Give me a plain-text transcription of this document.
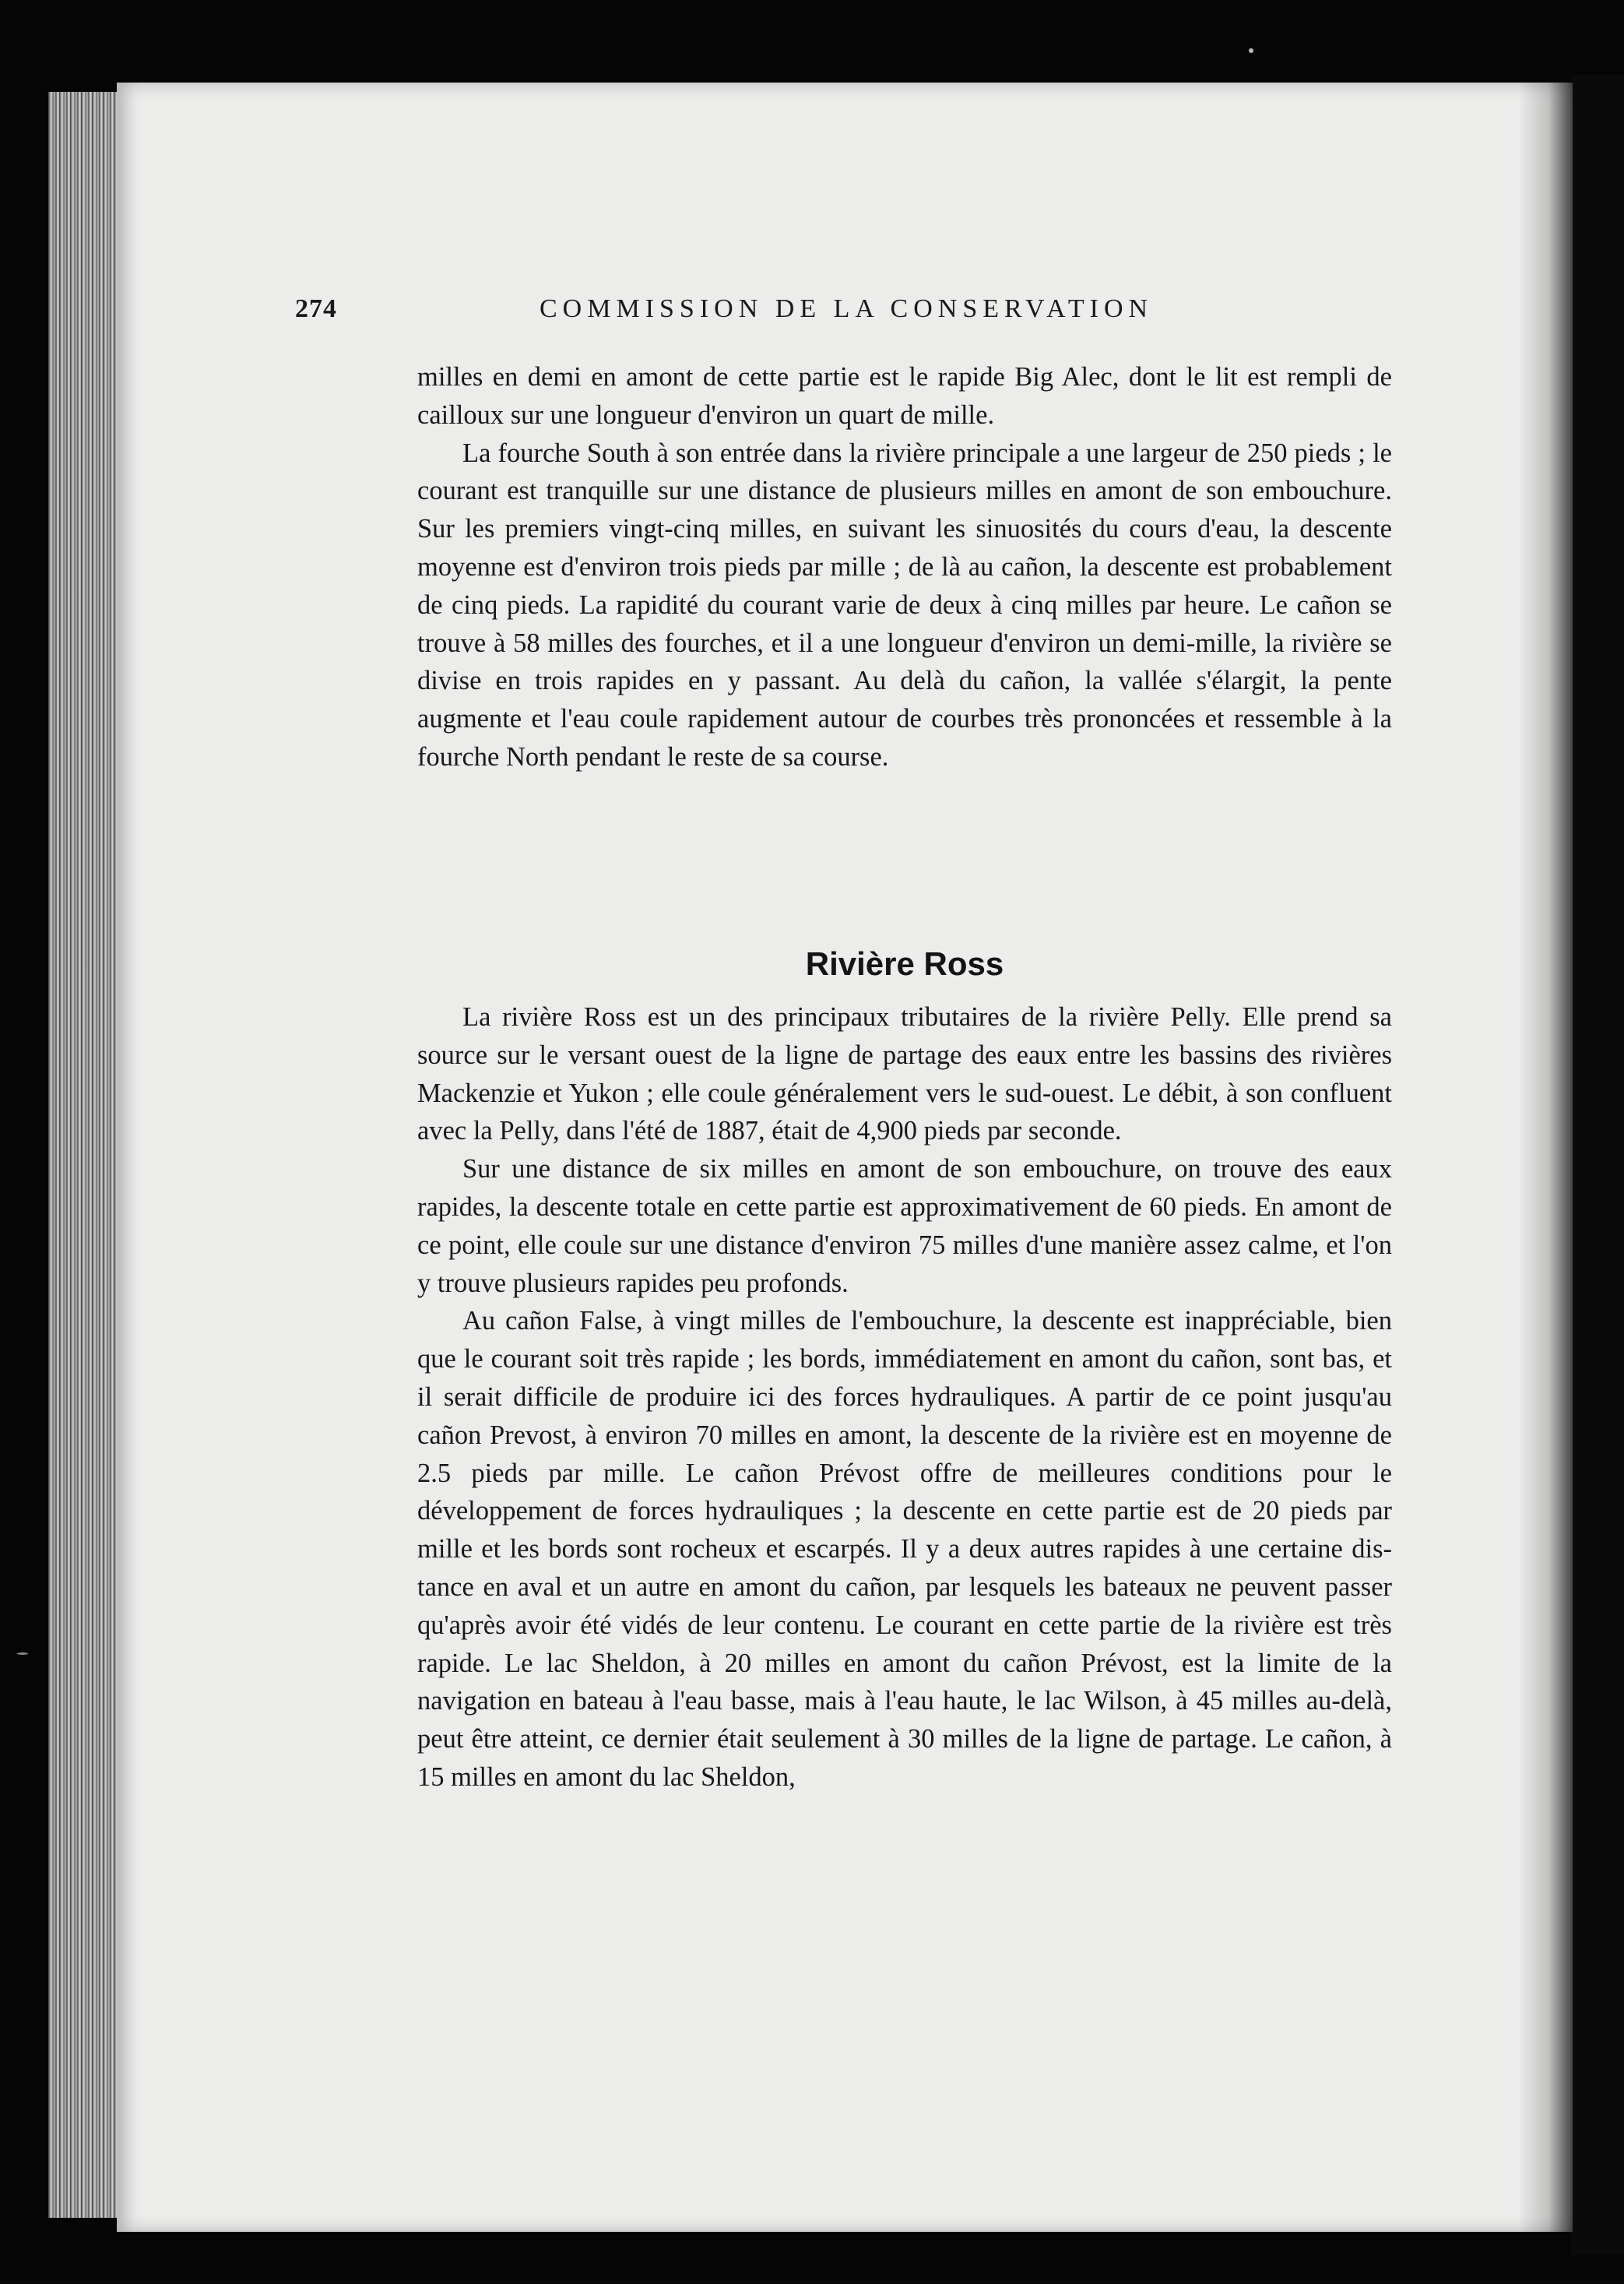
274	COMMISSION DE LA CONSERVATION

milles en demi en amont de cette partie est le rapide Big Alec, dont le lit est rempli de cailloux sur une longueur d'environ un quart de mille.

La fourche South à son entrée dans la rivière principale a une largeur de 250 pieds ; le courant est tranquille sur une distance de plusieurs milles en amont de son embouchure. Sur les premiers vingt-cinq milles, en suivant les sinuosités du cours d'eau, la descente moyenne est d'environ trois pieds par mille ; de là au cañon, la descente est probablement de cinq pieds. La rapidité du courant varie de deux à cinq milles par heure. Le cañon se trouve à 58 milles des fourches, et il a une longueur d'environ un demi-mille, la rivière se divise en trois rapides en y passant. Au delà du cañon, la vallée s'élargit, la pente augmente et l'eau coule rapidement autour de courbes très prononcées et ressemble à la fourche North pendant le reste de sa course.

Rivière Ross

La rivière Ross est un des principaux tributaires de la rivière Pelly. Elle prend sa source sur le versant ouest de la ligne de partage des eaux entre les bassins des rivières Mackenzie et Yukon ; elle coule généralement vers le sud-ouest. Le débit, à son confluent avec la Pelly, dans l'été de 1887, était de 4,900 pieds par seconde.

Sur une distance de six milles en amont de son embouchure, on trouve des eaux rapides, la descente totale en cette partie est approximativement de 60 pieds. En amont de ce point, elle coule sur une distance d'environ 75 milles d'une manière assez calme, et l'on y trouve plusieurs rapides peu profonds.

Au cañon False, à vingt milles de l'embouchure, la descente est inappréciable, bien que le courant soit très rapide ; les bords, immédiatement en amont du cañon, sont bas, et il serait difficile de produire ici des forces hydrauliques. A partir de ce point jusqu'au cañon Prevost, à environ 70 milles en amont, la descente de la rivière est en moyenne de 2.5 pieds par mille. Le cañon Prévost offre de meilleures conditions pour le développement de forces hydrauliques ; la descente en cette partie est de 20 pieds par mille et les bords sont rocheux et escarpés. Il y a deux autres rapides à une certaine distance en aval et un autre en amont du cañon, par lesquels les bateaux ne peuvent passer qu'après avoir été vidés de leur contenu. Le courant en cette partie de la rivière est très rapide. Le lac Sheldon, à 20 milles en amont du cañon Prévost, est la limite de la navigation en bateau à l'eau basse, mais à l'eau haute, le lac Wilson, à 45 milles au-delà, peut être atteint, ce dernier était seulement à 30 milles de la ligne de partage. Le cañon, à 15 milles en amont du lac Sheldon,
